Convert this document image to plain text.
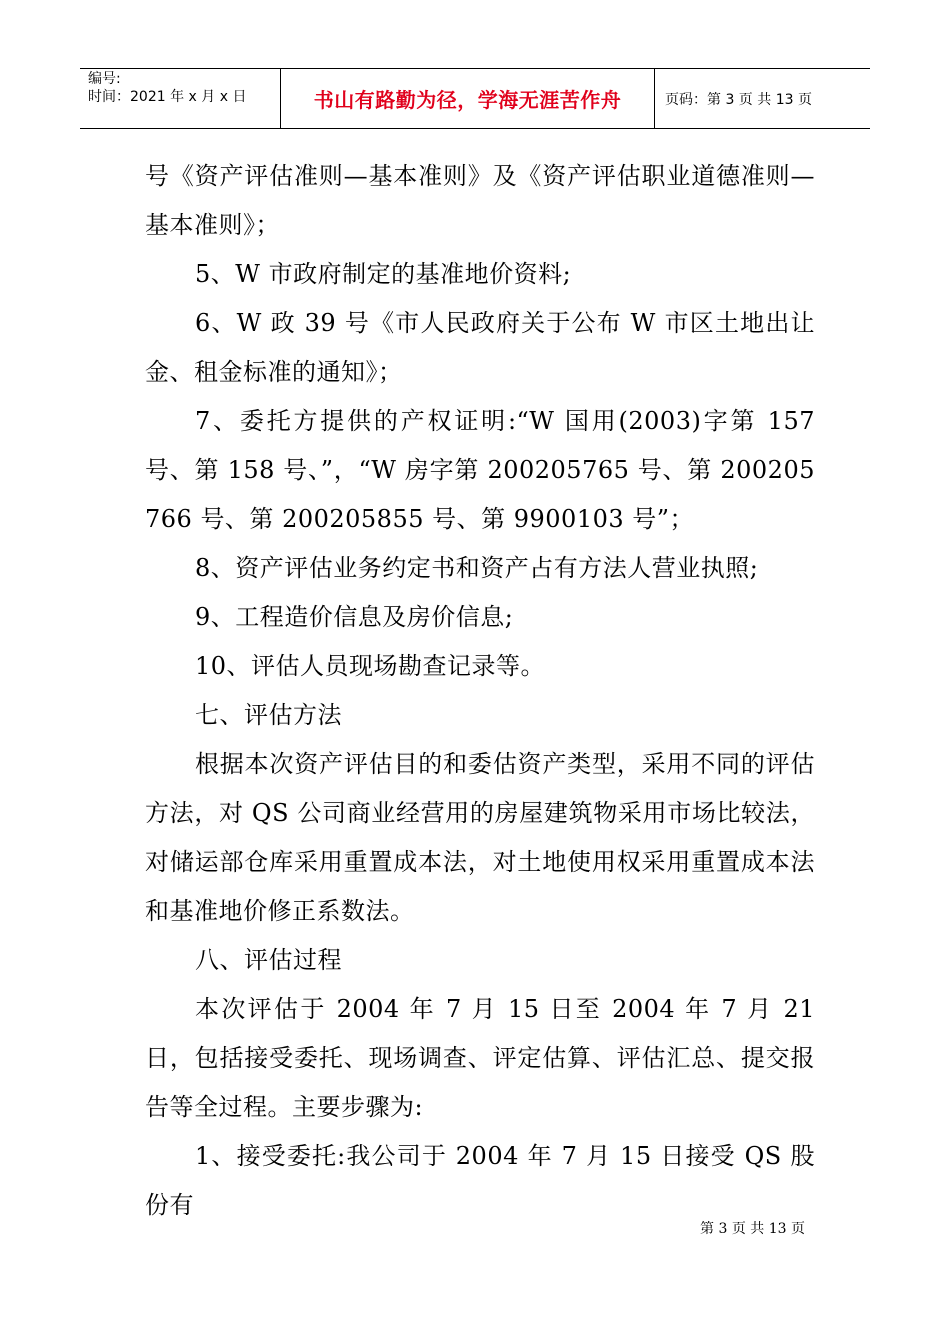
编号:
时间：2021 年 x 月 x 日	书山有路勤为径，学海无涯苦作舟	页码：第 3 页 共 13 页

号《资产评估准则—基本准则》及《资产评估职业道德准则—基本准则》；

5、W 市政府制定的基准地价资料;

6、W 政 39 号《市人民政府关于公布 W 市区土地出让金、租金标准的通知》；

7、委托方提供的产权证明:“W 国用(2003)字第 157 号、第 158 号、”，“W 房字第 200205765 号、第 200205766 号、第 200205855 号、第 9900103 号”；

8、资产评估业务约定书和资产占有方法人营业执照;

9、工程造价信息及房价信息;

10、评估人员现场勘查记录等。

七、评估方法

根据本次资产评估目的和委估资产类型，采用不同的评估方法，对 QS 公司商业经营用的房屋建筑物采用市场比较法，对储运部仓库采用重置成本法，对土地使用权采用重置成本法和基准地价修正系数法。

八、评估过程

本次评估于 2004 年 7 月 15 日至 2004 年 7 月 21 日，包括接受委托、现场调查、评定估算、评估汇总、提交报告等全过程。主要步骤为:

1、接受委托:我公司于 2004 年 7 月 15 日接受 QS 股份有

第 3 页 共 13 页
